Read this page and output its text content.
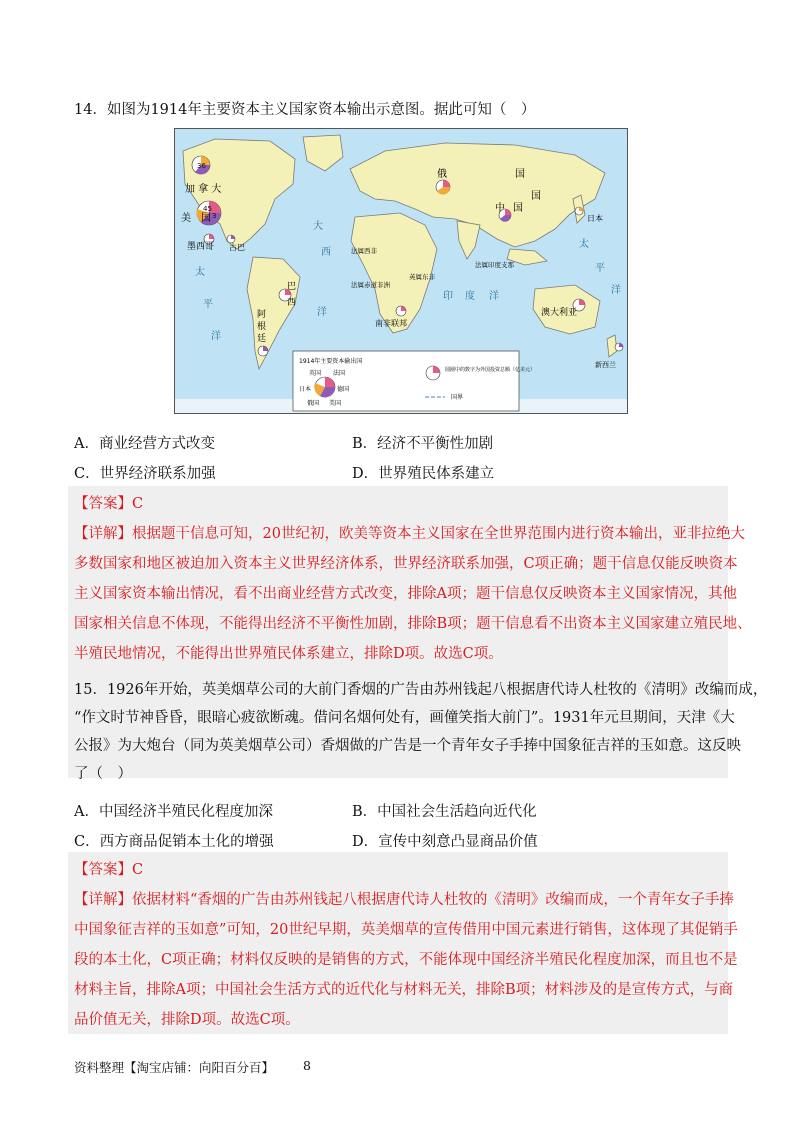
14．如图为1914年主要资本主义国家资本输出示意图。据此可知（　）
36
45
3
加 拿 大
美　国
墨西哥 古巴
俄	国
国
中 国
日本
巴
西
阿
根
廷
澳大利亚
新西兰
南非联邦
法属赤道非洲
法属西非
英属东非
法属印度支那
太
平
洋
大
西
洋
印 度 洋
太
平
洋
1914年主要资本输出国
英国 法国
德国
美国
俄国
日本
圆圈中的数字为外国投资总额（亿美元）
国界
A．商业经营方式改变	B．经济不平衡性加剧
C．世界经济联系加强	D．世界殖民体系建立
【答案】C
【详解】根据题干信息可知，20世纪初，欧美等资本主义国家在全世界范围内进行资本输出，亚非拉绝大
多数国家和地区被迫加入资本主义世界经济体系，世界经济联系加强，C项正确；题干信息仅能反映资本
主义国家资本输出情况，看不出商业经营方式改变，排除A项；题干信息仅反映资本主义国家情况，其他
国家相关信息不体现，不能得出经济不平衡性加剧，排除B项；题干信息看不出资本主义国家建立殖民地、
半殖民地情况，不能得出世界殖民体系建立，排除D项。故选C项。
15．1926年开始，英美烟草公司的大前门香烟的广告由苏州钱起八根据唐代诗人杜牧的《清明》改编而成，
“作文时节神昏昏，眼暗心疲欲断魂。借问名烟何处有，画僮笑指大前门”。1931年元旦期间，天津《大
公报》为大炮台（同为英美烟草公司）香烟做的广告是一个青年女子手捧中国象征吉祥的玉如意。这反映
了（　）
A．中国经济半殖民化程度加深	B．中国社会生活趋向近代化
C．西方商品促销本土化的增强	D．宣传中刻意凸显商品价值
【答案】C
【详解】依据材料“香烟的广告由苏州钱起八根据唐代诗人杜牧的《清明》改编而成，一个青年女子手捧
中国象征吉祥的玉如意”可知，20世纪早期，英美烟草的宣传借用中国元素进行销售，这体现了其促销手
段的本土化，C项正确；材料仅反映的是销售的方式，不能体现中国经济半殖民化程度加深，而且也不是
材料主旨，排除A项；中国社会生活方式的近代化与材料无关，排除B项；材料涉及的是宣传方式，与商
品价值无关，排除D项。故选C项。
资料整理【淘宝店铺：向阳百分百】 8
